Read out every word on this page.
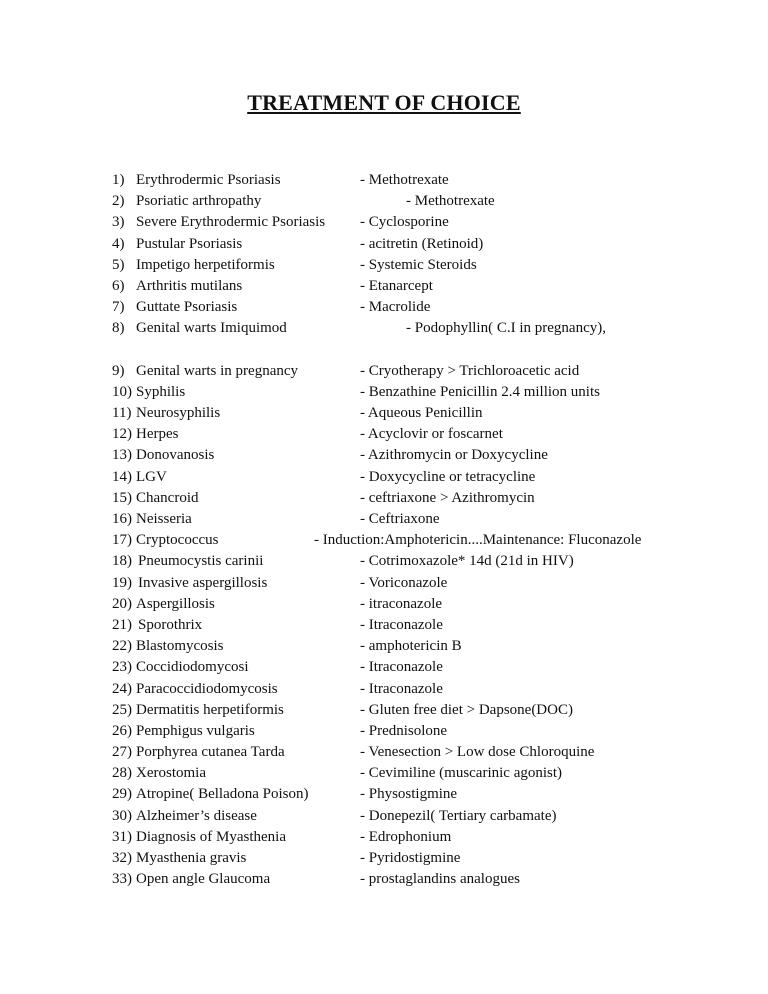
TREATMENT OF CHOICE
1) Erythrodermic Psoriasis	- Methotrexate
2) Psoriatic arthropathy	- Methotrexate
3) Severe Erythrodermic Psoriasis - Cyclosporine
4) Pustular Psoriasis	- acitretin (Retinoid)
5) Impetigo herpetiformis	- Systemic Steroids
6) Arthritis mutilans	- Etanarcept
7) Guttate Psoriasis	- Macrolide
8) Genital warts Imiquimod	- Podophyllin( C.I in pregnancy),
9) Genital warts in pregnancy	- Cryotherapy > Trichloroacetic acid
10) Syphilis	- Benzathine Penicillin 2.4 million units
11) Neurosyphilis	- Aqueous Penicillin
12) Herpes	- Acyclovir or foscarnet
13) Donovanosis	- Azithromycin or Doxycycline
14) LGV	- Doxycycline or tetracycline
15) Chancroid	- ceftriaxone > Azithromycin
16) Neisseria	- Ceftriaxone
17) Cryptococcus	- Induction:Amphotericin....Maintenance: Fluconazole
18) Pneumocystis carinii	- Cotrimoxazole* 14d (21d in HIV)
19) Invasive aspergillosis	- Voriconazole
20) Aspergillosis	- itraconazole
21) Sporothrix	- Itraconazole
22) Blastomycosis	- amphotericin B
23) Coccidiodomycosi	- Itraconazole
24) Paracoccidiodomycosis	- Itraconazole
25) Dermatitis herpetiformis	- Gluten free diet > Dapsone(DOC)
26) Pemphigus vulgaris	- Prednisolone
27) Porphyrea cutanea Tarda	- Venesection > Low dose Chloroquine
28) Xerostomia	- Cevimiline (muscarinic agonist)
29) Atropine( Belladona Poison)	- Physostigmine
30) Alzheimer’s disease	- Donepezil( Tertiary carbamate)
31) Diagnosis of Myasthenia	- Edrophonium
32) Myasthenia gravis	- Pyridostigmine
33) Open angle Glaucoma	- prostaglandins analogues
